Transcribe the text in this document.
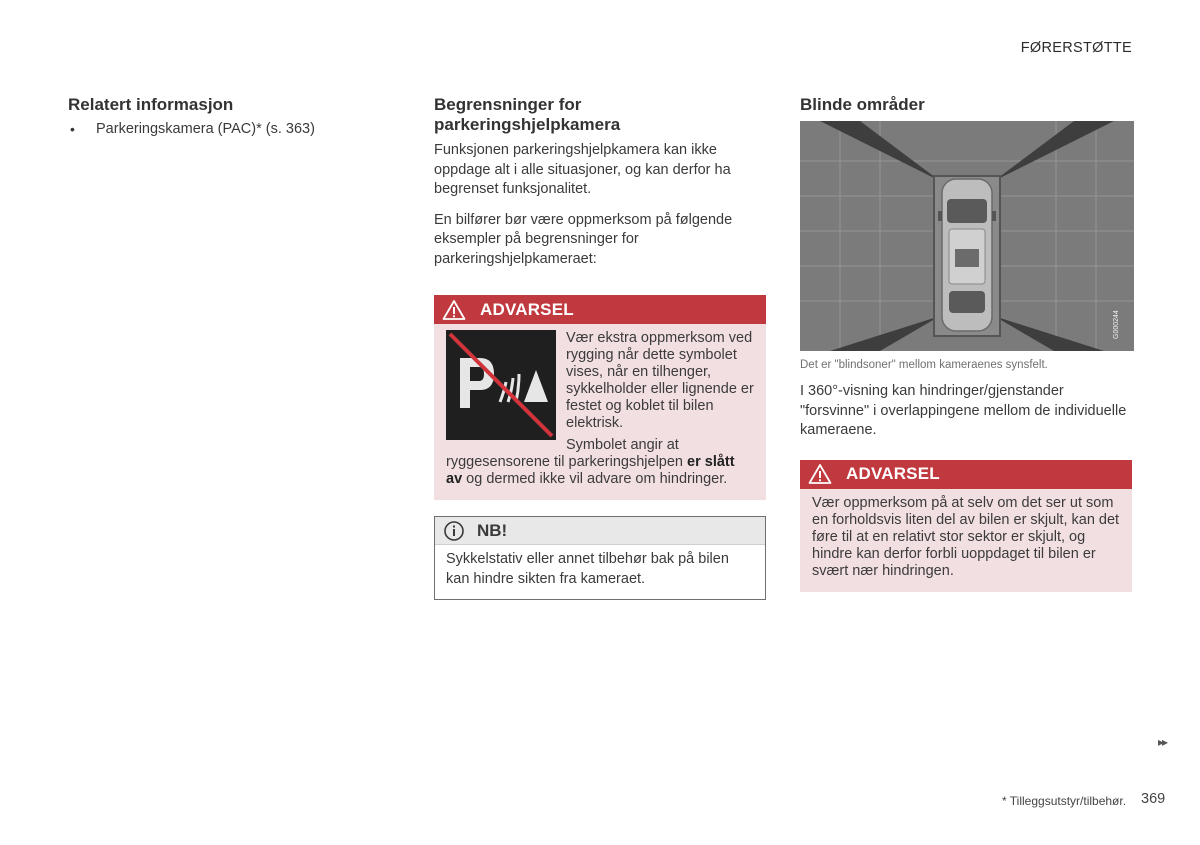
FØRERSTØTTE
Relatert informasjon
• Parkeringskamera (PAC)* (s. 363)
Begrensninger for parkeringshjelpkamera

Funksjonen parkeringshjelpkamera kan ikke oppdage alt i alle situasjoner, og kan derfor ha begrenset funksjonalitet.

En bilfører bør være oppmerksom på følgende eksempler på begrensninger for parkeringshjelpkameraet:

ADVARSEL
Vær ekstra oppmerksom ved rygging når dette symbolet vises, når en tilhenger, sykkelholder eller lignende er festet og koblet til bilen elektrisk.
Symbolet angir at ryggesensorene til parkeringshjelpen er slått av og dermed ikke vil advare om hindringer.
NB!
Sykkelstativ eller annet tilbehør bak på bilen kan hindre sikten fra kameraet.
Blinde områder
G000244
Det er "blindsoner" mellom kameraenes synsfelt.

I 360°-visning kan hindringer/gjenstander "forsvinne" i overlappingene mellom de individuelle kameraene.

ADVARSEL
Vær oppmerksom på at selv om det ser ut som en forholdsvis liten del av bilen er skjult, kan det føre til at en relativt stor sektor er skjult, og hindre kan derfor forbli uoppdaget til bilen er svært nær hindringen.
▸▸
* Tilleggsutstyr/tilbehør. 369
